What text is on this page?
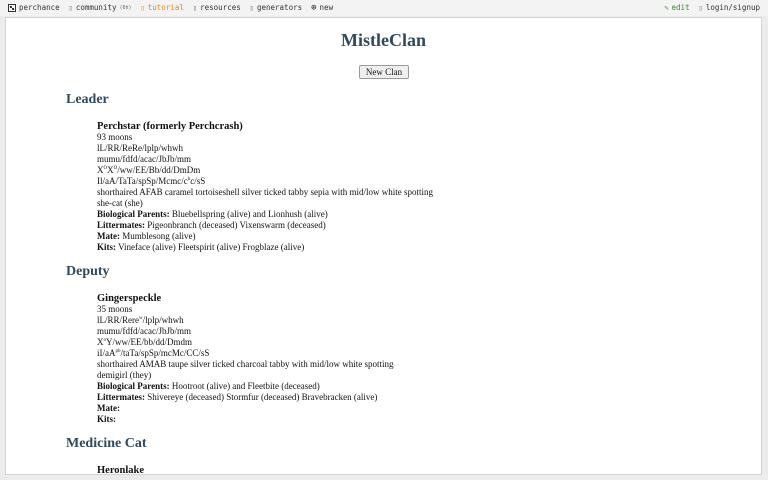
perchance ▯ community (6h) ▯ tutorial ▯ resources ▯ generators ⊕ new	✎ edit ▯ login/signup
MistleClan
New Clan
Leader
Perchstar (formerly Perchcrash)
93 moons
lL/RR/ReRe/lplp/whwh
mumu/fdfd/acac/JbJb/mm
$X^OX^O/ww/EE/Bb/dd$/DmDm
$Il/aA/TaTa/spSp/Mcmc/c^bc/sS$
shorthaired AFAB caramel tortoiseshell silver ticked tabby sepia with mid/low white spotting
she-cat (she)
Biological Parents: Bluebellspring (alive) and Lionhush (alive)
Littermates: Pigeonbranch (deceased) Vixenswarm (deceased)
Mate: Mumblesong (alive)
Kits: Vineface (alive) Fleetspirit (alive) Frogblaze (alive)
Deputy
Gingerspeckle
35 moons
lL/RR/Rere$^w$/lplp/whwh
mumu/fdfd/acac/JbJb/mm
$X^oY/ww/EE/bb/dd$/Dmdm
$iI/aA^{pb}/taTa/spSp/mcMc/CC/sS$
shorthaired AMAB taupe silver ticked charcoal tabby with mid/low white spotting
demigirl (they)
Biological Parents: Hootroot (alive) and Fleetbite (deceased)
Littermates: Shivereye (deceased) Stormfur (deceased) Bravebracken (alive)
Mate:
Kits:
Medicine Cat
Heronlake
